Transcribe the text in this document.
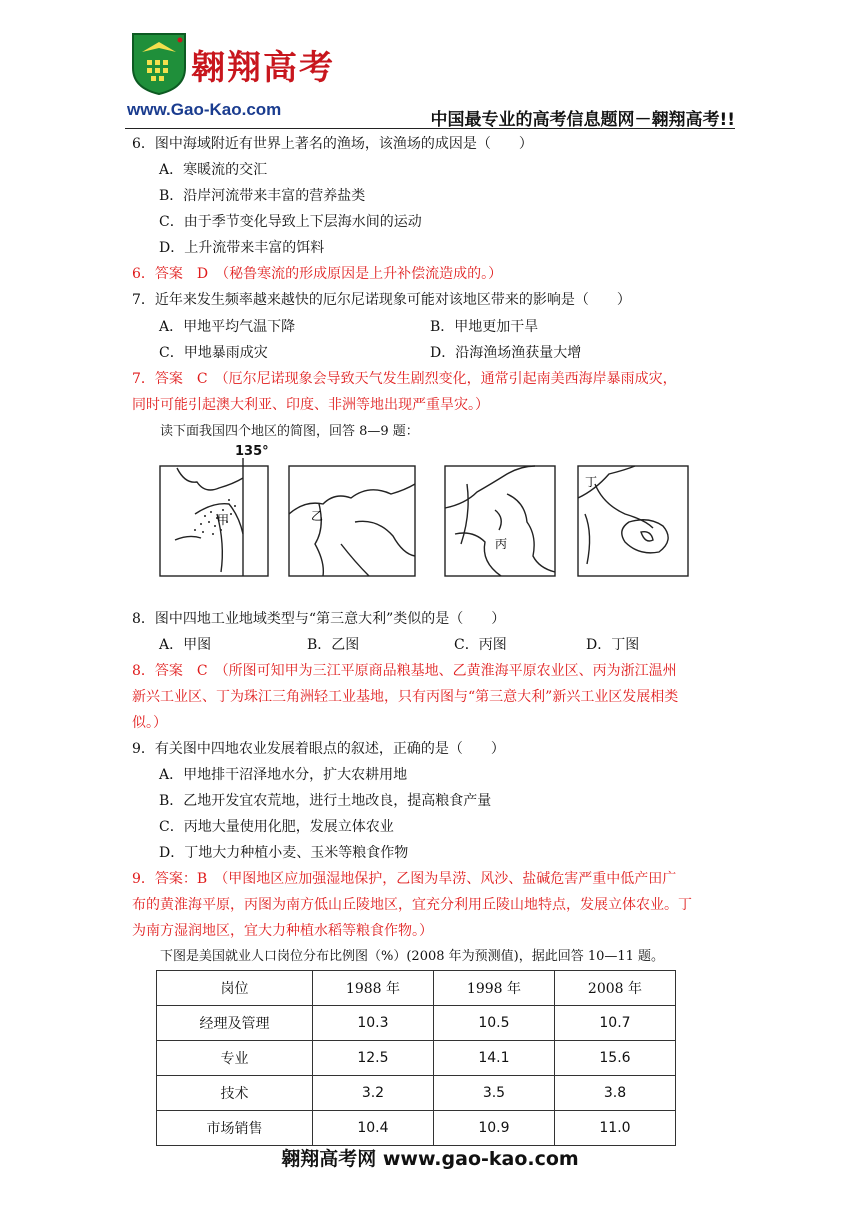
翱翔高考
www.Gao-Kao.com
中国最专业的高考信息题网－翱翔高考!!
6．图中海域附近有世界上著名的渔场，该渔场的成因是（　　）
A．寒暖流的交汇
B．沿岸河流带来丰富的营养盐类
C．由于季节变化导致上下层海水间的运动
D．上升流带来丰富的饵料
6．答案　D　（秘鲁寒流的形成原因是上升补偿流造成的。）
7．近年来发生频率越来越快的厄尔尼诺现象可能对该地区带来的影响是（　　）
A．甲地平均气温下降	B．甲地更加干旱
C．甲地暴雨成灾	D．沿海渔场渔获量大增
7．答案　C　（厄尔尼诺现象会导致天气发生剧烈变化，通常引起南美西海岸暴雨成灾，
同时可能引起澳大利亚、印度、非洲等地出现严重旱灾。）
读下面我国四个地区的简图，回答 8—9 题：
135°
甲	乙
丙
丁
8．图中四地工业地域类型与“第三意大利”类似的是（　　）
A．甲图	B．乙图	C．丙图	D．丁图
8．答案　C　（所图可知甲为三江平原商品粮基地、乙黄淮海平原农业区、丙为浙江温州
新兴工业区、丁为珠江三角洲轻工业基地，只有丙图与“第三意大利”新兴工业区发展相类
似。）
9．有关图中四地农业发展着眼点的叙述，正确的是（　　）
A．甲地排干沼泽地水分，扩大农耕用地
B．乙地开发宜农荒地，进行土地改良，提高粮食产量
C．丙地大量使用化肥，发展立体农业
D．丁地大力种植小麦、玉米等粮食作物
9．答案：B　（甲图地区应加强湿地保护，乙图为旱涝、风沙、盐碱危害严重中低产田广
布的黄淮海平原，丙图为南方低山丘陵地区，宜充分利用丘陵山地特点，发展立体农业。丁
为南方湿润地区，宜大力种植水稻等粮食作物。）
下图是美国就业人口岗位分布比例图（%）(2008 年为预测值)，据此回答 10—11 题。
岗位	1988 年	1998 年	2008 年
经理及管理	10.3	10.5	10.7
专业	12.5	14.1	15.6
技术	3.2	3.5	3.8
市场销售	10.4	10.9	11.0
翱翔高考网 www.gao-kao.com
